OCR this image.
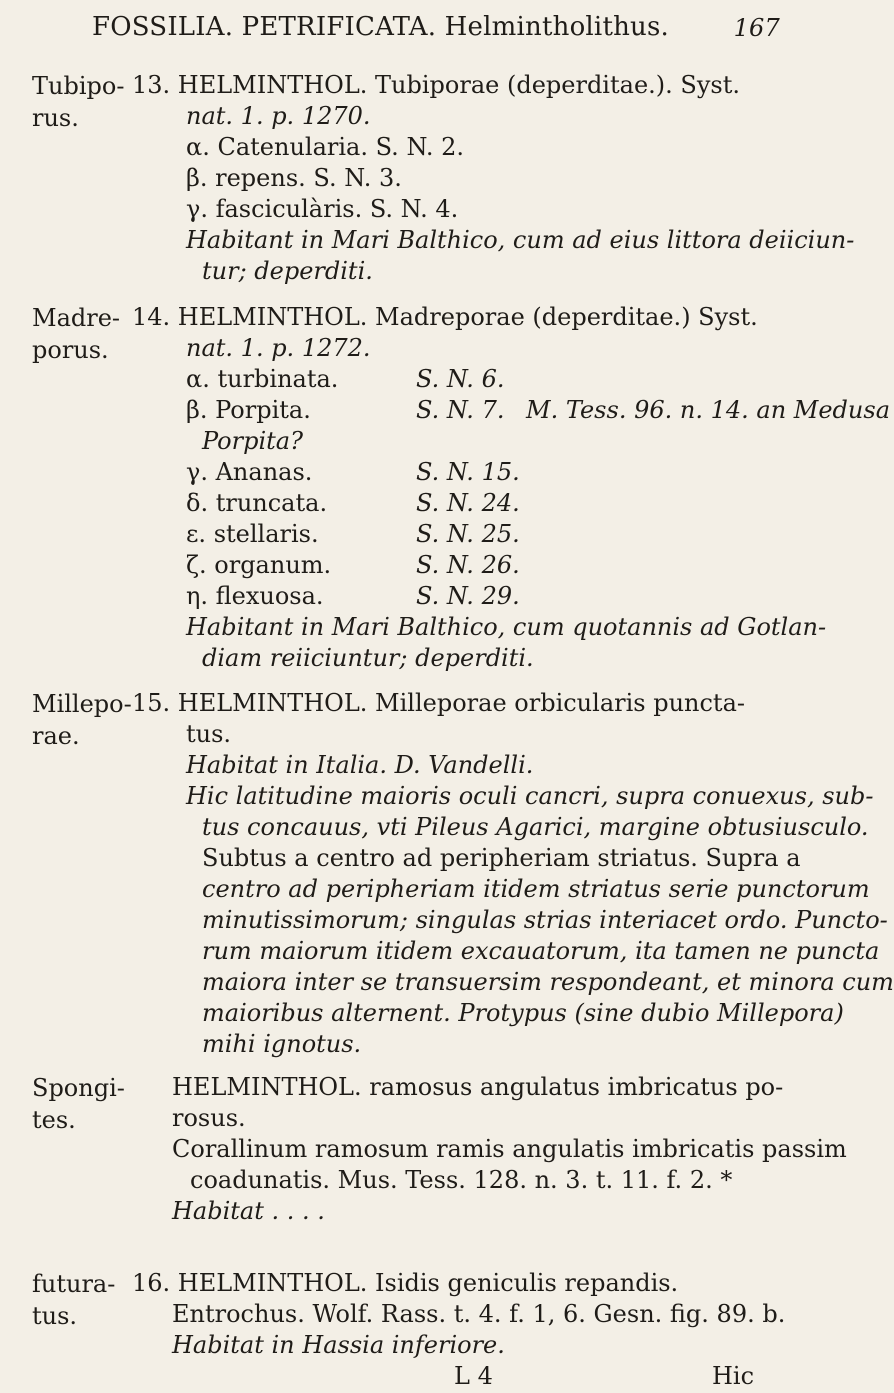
FOSSILIA. PETRIFICATA. Helmintholithus.	167
Tubipo-
rus.
13. HELMINTHOL. Tubiporae (deperditae.). Syst.
nat. 1. p. 1270.
α. Catenularia. S. N. 2.
β. repens. S. N. 3.
γ. fasciculàris. S. N. 4.
Habitant in Mari Balthico, cum ad eius littora deiiciun-
tur; deperditi.
Madre-
porus.
14. HELMINTHOL. Madreporae (deperditae.) Syst.
nat. 1. p. 1272.
α. turbinata.	S. N. 6.
β. Porpita.	S. N. 7. M. Tess. 96. n. 14. an Medusa
Porpita?
γ. Ananas.	S. N. 15.
δ. truncata.	S. N. 24.
ε. stellaris.	S. N. 25.
ζ. organum.	S. N. 26.
η. flexuosa.	S. N. 29.
Habitant in Mari Balthico, cum quotannis ad Gotlan-
diam reiiciuntur; deperditi.
Millepo-
rae.
15. HELMINTHOL. Milleporae orbicularis puncta-
tus.
Habitat in Italia. D. Vandelli.
Hic latitudine maioris oculi cancri, supra conuexus, sub-
tus concauus, vti Pileus Agarici, margine obtusiusculo.
Subtus a centro ad peripheriam striatus. Supra a
centro ad peripheriam itidem striatus serie punctorum
minutissimorum; singulas strias interiacet ordo. Puncto-
rum maiorum itidem excauatorum, ita tamen ne puncta
maiora inter se transuersim respondeant, et minora cum
maioribus alternent. Protypus (sine dubio Millepora)
mihi ignotus.
Spongi-
tes.
HELMINTHOL. ramosus angulatus imbricatus po-
rosus.
Corallinum ramosum ramis angulatis imbricatis passim
coadunatis. Mus. Tess. 128. n. 3. t. 11. f. 2. *
Habitat . . . .
futura-
tus.
16. HELMINTHOL. Isidis geniculis repandis.
Entrochus. Wolf. Rass. t. 4. f. 1, 6. Gesn. fig. 89. b.
Habitat in Hassia inferiore.
L 4	Hic
